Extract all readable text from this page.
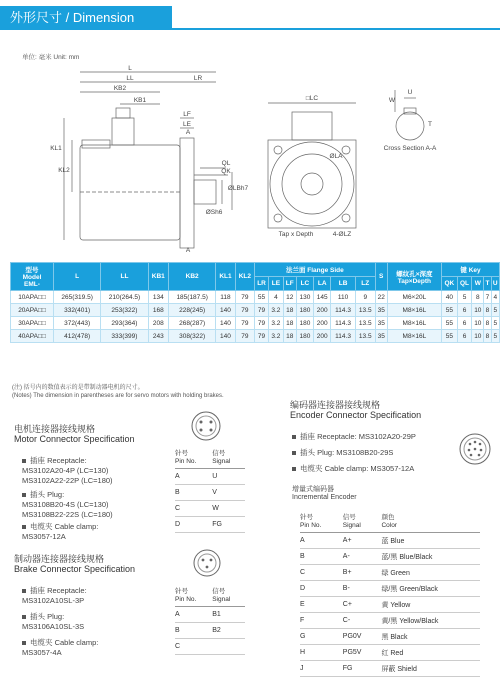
外形尺寸 / Dimension
单位: 毫米 Unit: mm
L
LL	LR
KB2
KB1
LF
LE
KL1
KL2
QL
QK
ØSh6
ØLBh7
□LC
ØLA
Tap x Depth	4-ØLZ
W
T
U
A
A
Cross Section A-A
型号
Model
EML-	L	LL	KB1	KB2	KL1	KL2	法兰面 Flange Side							S	螺纹孔×深度
Tap×Depth	键 Key				
							LR	LE	LF	LC	LA	LB	LZ			QK	QL	W	T	U
10APA□□	265(319.5)	210(264.5)	134	185(187.5)	118	79	55	4	12	130	145	110	9	22	M6×20L	40	5	8	7	4
20APA□□	332(401)	253(322)	168	228(245)	140	79	79	3.2	18	180	200	114.3	13.5	35	M8×16L	55	6	10	8	5
30APA□□	372(443)	293(364)	208	268(287)	140	79	79	3.2	18	180	200	114.3	13.5	35	M8×16L	55	6	10	8	5
40APA□□	412(478)	333(399)	243	308(322)	140	79	79	3.2	18	180	200	114.3	13.5	35	M8×16L	55	6	10	8	5
(注) 括号内的数值表示的是带制动器电机的尺寸。
(Notes) The dimension in parentheses are for servo motors with holding brakes.
电机连接器接线规格
Motor Connector Specification
插座 Receptacle:
MS3102A20-4P (LC=130)
MS3102A22-22P (LC=180)
插头 Plug:
MS3108B20-4S (LC=130)
MS3108B22-22S (LC=180)
电缆夹 Cable clamp:
MS3057-12A
针号
Pin No.	信号
Signal
A	U
B	V
C	W
D	FG
制动器连接器接线规格
Brake Connector Specification
插座 Receptacle:
MS3102A10SL-3P
插头 Plug:
MS3106A10SL-3S
电缆夹 Cable clamp:
MS3057-4A
针号
Pin No.	信号
Signal
A	B1
B	B2
C	
编码器连接器接线规格
Encoder Connector Specification
插座 Receptacle: MS3102A20-29P
插头 Plug: MS3108B20-29S
电缆夹 Cable clamp: MS3057-12A
增量式编码器
Incremental Encoder
针号
Pin No.	信号
Signal	颜色
Color
A	A+	蓝 Blue
B	A-	蓝/黑 Blue/Black
C	B+	绿 Green
D	B-	绿/黑 Green/Black
E	C+	黄 Yellow
F	C-	黄/黑 Yellow/Black
G	PG0V	黑 Black
H	PG5V	红 Red
J	FG	屏蔽 Shield
